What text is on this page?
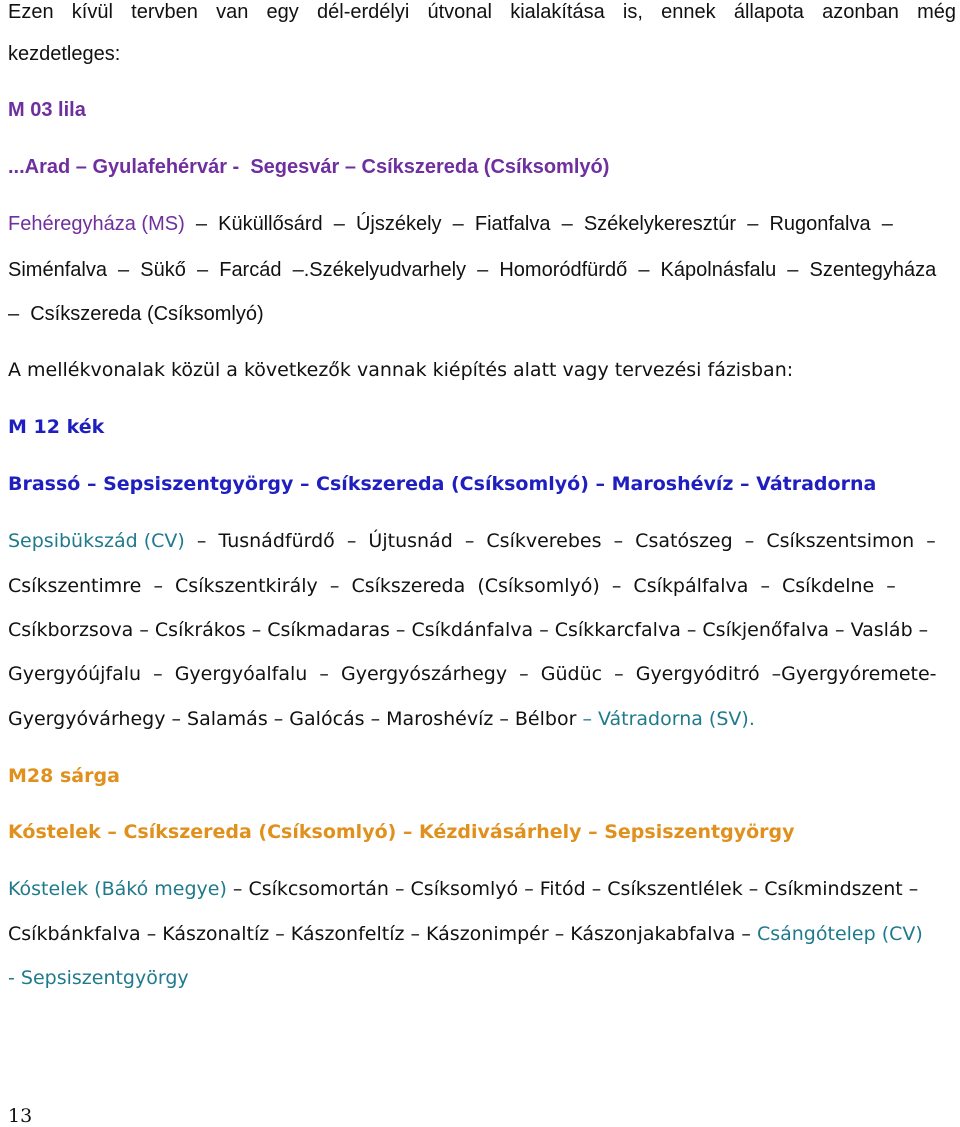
Ezen kívül tervben van egy dél-erdélyi útvonal kialakítása is, ennek állapota azonban még
kezdetleges:
M 03 lila
...Arad – Gyulafehérvár -  Segesvár – Csíkszereda (Csíksomlyó)
Fehéregyháza (MS)  –  Küküllősárd  –  Újszékely  –  Fiatfalva  –  Székelykeresztúr  –  Rugonfalva  –
Siménfalva  –  Sükő  –  Farcád  –.Székelyudvarhely  –  Homoródfürdő  –  Kápolnásfalu  –  Szentegyháza
–  Csíkszereda (Csíksomlyó)
A mellékvonalak közül a következők vannak kiépítés alatt vagy tervezési fázisban:
M 12 kék
Brassó – Sepsiszentgyörgy – Csíkszereda (Csíksomlyó) – Maroshévíz – Vátradorna
Sepsibükszád (CV)  –  Tusnádfürdő  –  Újtusnád  –  Csíkverebes  –  Csatószeg  –  Csíkszentsimon  –
Csíkszentimre  –  Csíkszentkirály  –  Csíkszereda  (Csíksomlyó)  –  Csíkpálfalva  –  Csíkdelne  –
Csíkborzsova – Csíkrákos – Csíkmadaras – Csíkdánfalva – Csíkkarcfalva – Csíkjenőfalva – Vasláb –
Gyergyóújfalu  –  Gyergyóalfalu  –  Gyergyószárhegy  –  Güdüc  –  Gyergyóditró  –Gyergyóremete-
Gyergyóvárhegy – Salamás – Galócás – Maroshévíz – Bélbor – Vátradorna (SV).
M28 sárga
Kóstelek – Csíkszereda (Csíksomlyó) – Kézdivásárhely – Sepsiszentgyörgy
Kóstelek (Bákó megye) – Csíkcsomortán – Csíksomlyó – Fitód – Csíkszentlélek – Csíkmindszent –
Csíkbánkfalva – Kászonaltíz – Kászonfeltíz – Kászonimpér – Kászonjakabfalva – Csángótelep (CV)
- Sepsiszentgyörgy
13
